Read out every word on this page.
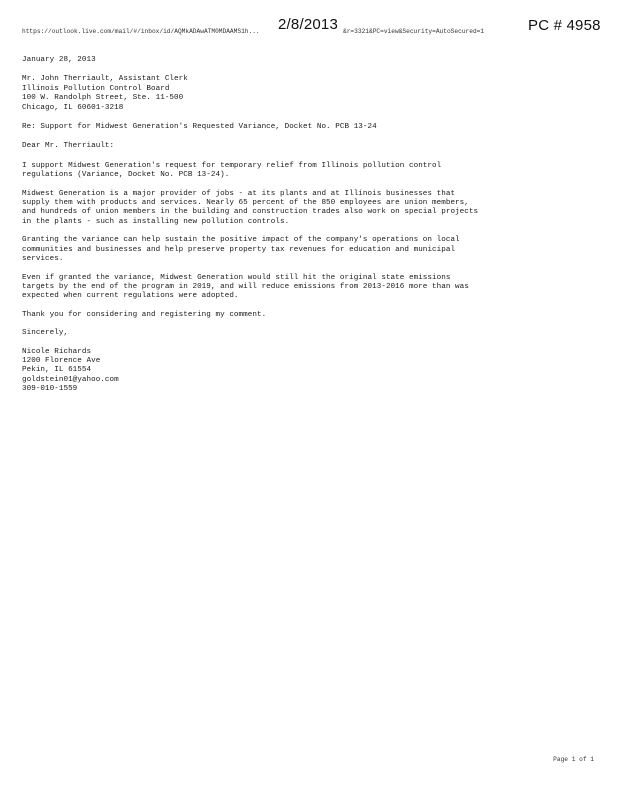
https://outlook.live.com/mail/#/inbox/id/AQMkADAwATM0MDAAMS1h...	&r=3321&PC=view&Security=AutoSecured=1
2/8/2013	PC # 4958
January 28, 2013
Mr. John Therriault, Assistant Clerk
Illinois Pollution Control Board
100 W. Randolph Street, Ste. 11-500
Chicago, IL 60601-3218
Re: Support for Midwest Generation's Requested Variance, Docket No. PCB 13-24
Dear Mr. Therriault:
I support Midwest Generation's request for temporary relief from Illinois pollution control
regulations (Variance, Docket No. PCB 13-24).
Midwest Generation is a major provider of jobs - at its plants and at Illinois businesses that
supply them with products and services. Nearly 65 percent of the 850 employees are union members,
and hundreds of union members in the building and construction trades also work on special projects
in the plants - such as installing new pollution controls.
Granting the variance can help sustain the positive impact of the company's operations on local
communities and businesses and help preserve property tax revenues for education and municipal
services.
Even if granted the variance, Midwest Generation would still hit the original state emissions
targets by the end of the program in 2019, and will reduce emissions from 2013-2016 more than was
expected when current regulations were adopted.
Thank you for considering and registering my comment.
Sincerely,
Nicole Richards
1200 Florence Ave
Pekin, IL 61554
goldstein01@yahoo.com
309-010-1559
Page 1 of 1
